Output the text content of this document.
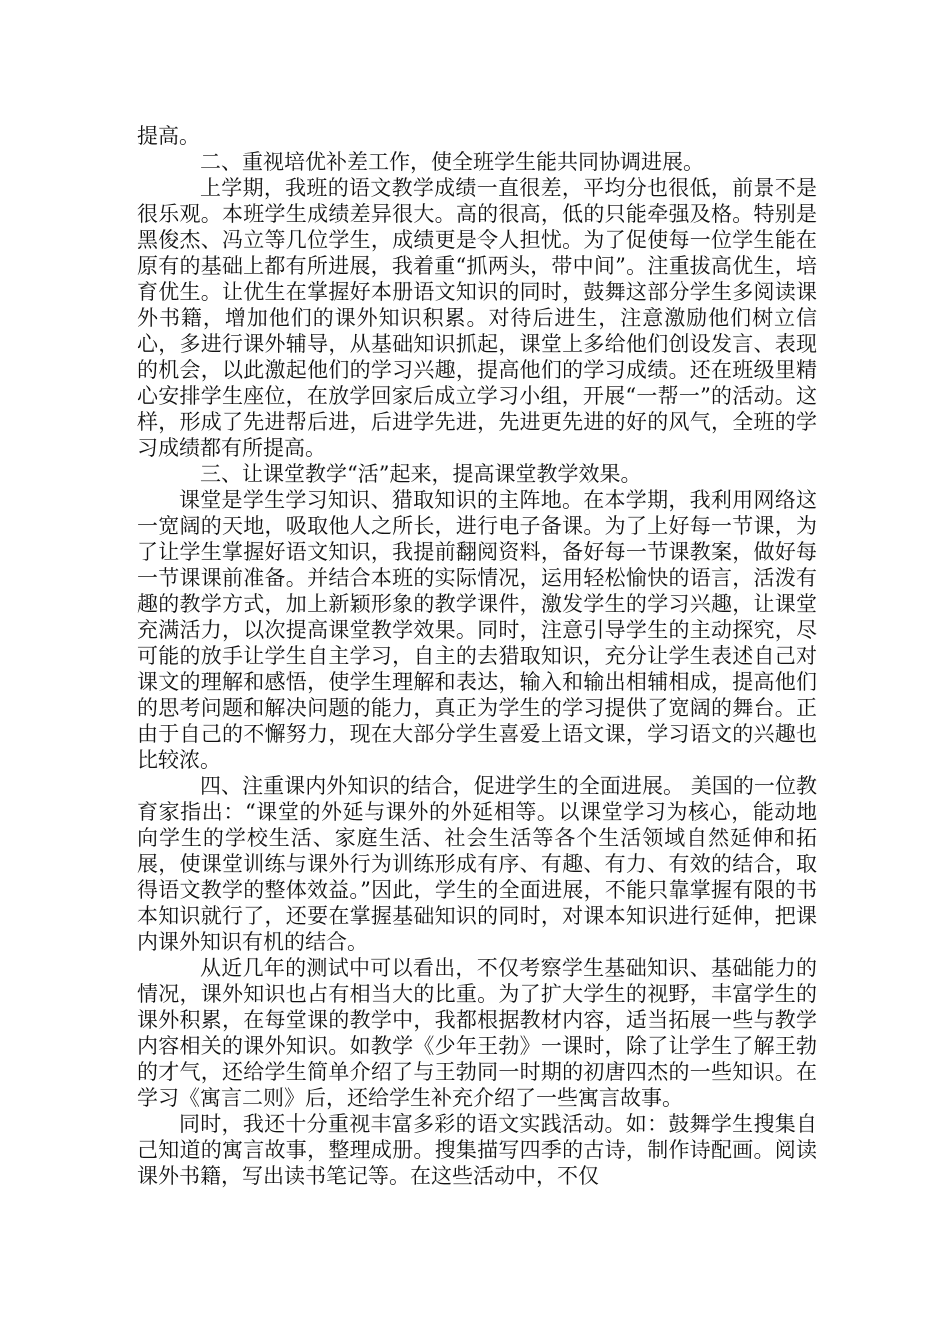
提高。

二、重视培优补差工作，使全班学生能共同协调进展。

上学期，我班的语文教学成绩一直很差，平均分也很低，前景不是很乐观。本班学生成绩差异很大。高的很高，低的只能牵强及格。特别是黑俊杰、冯立等几位学生，成绩更是令人担忧。为了促使每一位学生能在原有的基础上都有所进展，我着重“抓两头，带中间”。注重拔高优生，培育优生。让优生在掌握好本册语文知识的同时，鼓舞这部分学生多阅读课外书籍，增加他们的课外知识积累。对待后进生，注意激励他们树立信心，多进行课外辅导，从基础知识抓起，课堂上多给他们创设发言、表现的机会，以此激起他们的学习兴趣，提高他们的学习成绩。还在班级里精心安排学生座位，在放学回家后成立学习小组，开展“一帮一”的活动。这样，形成了先进帮后进，后进学先进，先进更先进的好的风气，全班的学习成绩都有所提高。

三、让课堂教学“活”起来，提高课堂教学效果。

课堂是学生学习知识、猎取知识的主阵地。在本学期，我利用网络这一宽阔的天地，吸取他人之所长，进行电子备课。为了上好每一节课，为了让学生掌握好语文知识，我提前翻阅资料，备好每一节课教案，做好每一节课课前准备。并结合本班的实际情况，运用轻松愉快的语言，活泼有趣的教学方式，加上新颖形象的教学课件，激发学生的学习兴趣，让课堂充满活力，以次提高课堂教学效果。同时，注意引导学生的主动探究，尽可能的放手让学生自主学习，自主的去猎取知识，充分让学生表述自己对课文的理解和感悟，使学生理解和表达，输入和输出相辅相成，提高他们的思考问题和解决问题的能力，真正为学生的学习提供了宽阔的舞台。正由于自己的不懈努力，现在大部分学生喜爱上语文课，学习语文的兴趣也比较浓。

四、注重课内外知识的结合，促进学生的全面进展。 美国的一位教育家指出：“课堂的外延与课外的外延相等。以课堂学习为核心，能动地向学生的学校生活、家庭生活、社会生活等各个生活领域自然延伸和拓展，使课堂训练与课外行为训练形成有序、有趣、有力、有效的结合，取得语文教学的整体效益。”因此，学生的全面进展，不能只靠掌握有限的书本知识就行了，还要在掌握基础知识的同时，对课本知识进行延伸，把课内课外知识有机的结合。

从近几年的测试中可以看出，不仅考察学生基础知识、基础能力的情况，课外知识也占有相当大的比重。为了扩大学生的视野，丰富学生的课外积累，在每堂课的教学中，我都根据教材内容，适当拓展一些与教学内容相关的课外知识。如教学《少年王勃》一课时，除了让学生了解王勃的才气，还给学生简单介绍了与王勃同一时期的初唐四杰的一些知识。在学习《寓言二则》后，还给学生补充介绍了一些寓言故事。

同时，我还十分重视丰富多彩的语文实践活动。如：鼓舞学生搜集自己知道的寓言故事，整理成册。搜集描写四季的古诗，制作诗配画。阅读课外书籍，写出读书笔记等。在这些活动中，不仅
